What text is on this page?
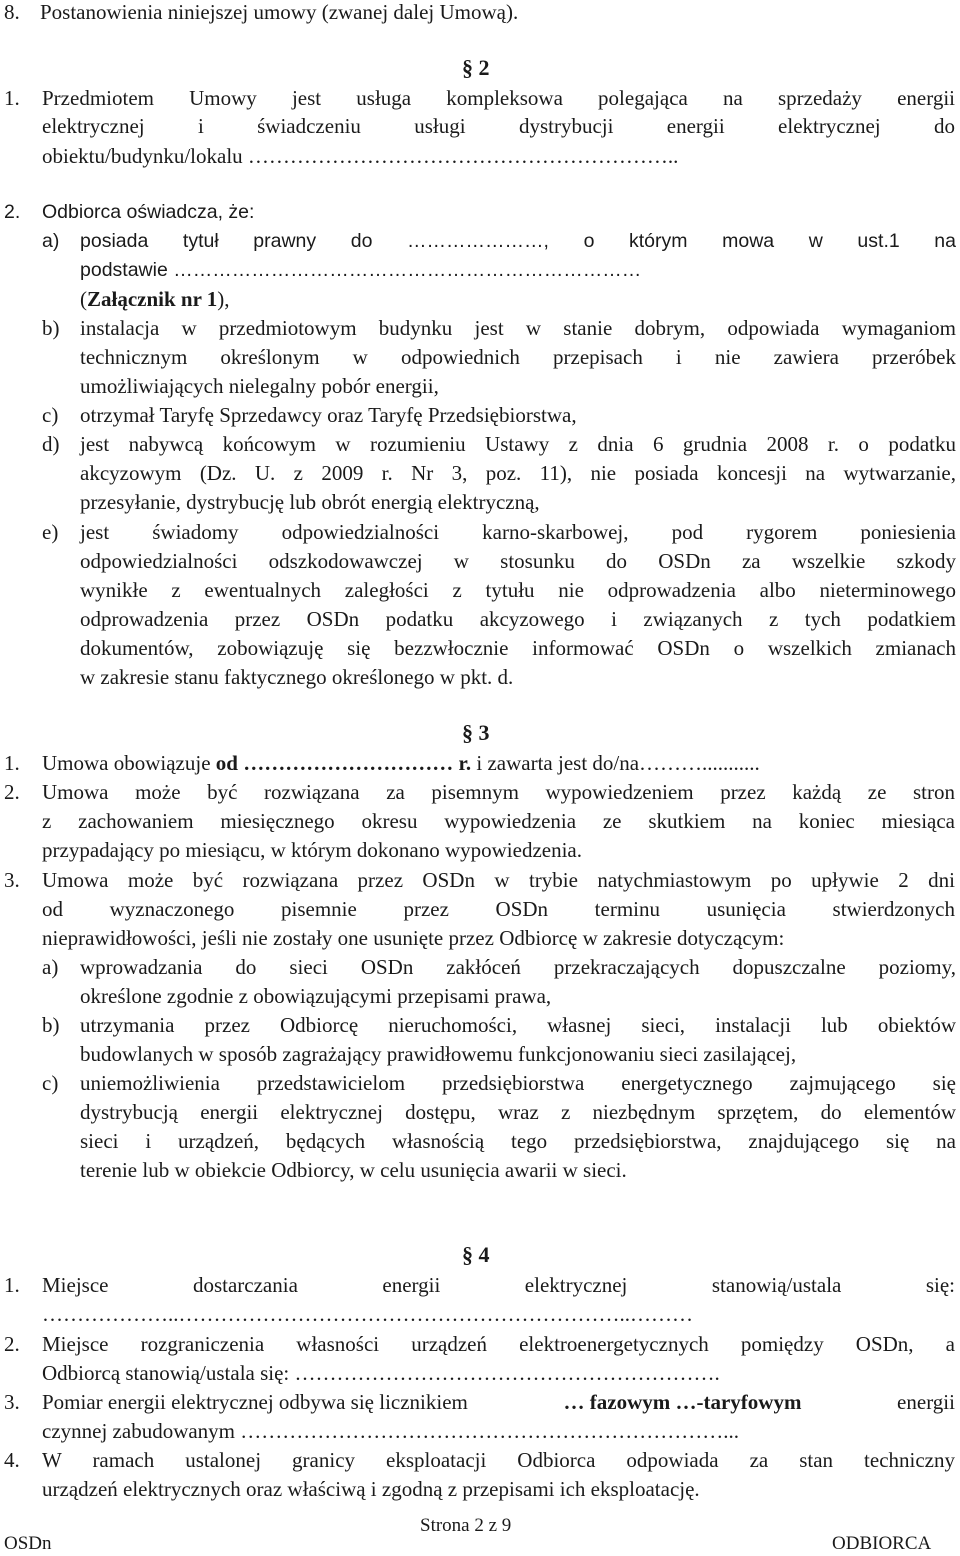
8. Postanowienia niniejszej umowy (zwanej dalej Umową).
§ 2
1. Przedmiotem Umowy jest usługa kompleksowa polegająca na sprzedaży energii
elektrycznej i świadczeniu usługi dystrybucji energii elektrycznej do
obiektu/budynku/lokalu ……………………………………………………..
2. Odbiorca oświadcza, że:
a) posiada tytuł prawny do …………………, o którym mowa w ust.1 na
podstawie ………………………………………………………………
(Załącznik nr 1),
b) instalacja w przedmiotowym budynku jest w stanie dobrym, odpowiada wymaganiom
technicznym określonym w odpowiednich przepisach i nie zawiera przeróbek
umożliwiających nielegalny pobór energii,
c) otrzymał Taryfę Sprzedawcy oraz Taryfę Przedsiębiorstwa,
d) jest nabywcą końcowym w rozumieniu Ustawy z dnia 6 grudnia 2008 r. o podatku
akcyzowym (Dz. U. z 2009 r. Nr 3, poz. 11), nie posiada koncesji na wytwarzanie,
przesyłanie, dystrybucję lub obrót energią elektryczną,
e) jest świadomy odpowiedzialności karno-skarbowej, pod rygorem poniesienia
odpowiedzialności odszkodowawczej w stosunku do OSDn za wszelkie szkody
wynikłe z ewentualnych zaległości z tytułu nie odprowadzenia albo nieterminowego
odprowadzenia przez OSDn podatku akcyzowego i związanych z tych podatkiem
dokumentów, zobowiązuję się bezzwłocznie informować OSDn o wszelkich zmianach
w zakresie stanu faktycznego określonego w pkt. d.
§ 3
1. Umowa obowiązuje od ………………………… r. i zawarta jest do/na………...........
2. Umowa może być rozwiązana za pisemnym wypowiedzeniem przez każdą ze stron
z zachowaniem miesięcznego okresu wypowiedzenia ze skutkiem na koniec miesiąca
przypadający po miesiącu, w którym dokonano wypowiedzenia.
3. Umowa może być rozwiązana przez OSDn w trybie natychmiastowym po upływie 2 dni
od wyznaczonego pisemnie przez OSDn terminu usunięcia stwierdzonych
nieprawidłowości, jeśli nie zostały one usunięte przez Odbiorcę w zakresie dotyczącym:
a) wprowadzania do sieci OSDn zakłóceń przekraczających dopuszczalne poziomy,
określone zgodnie z obowiązującymi przepisami prawa,
b) utrzymania przez Odbiorcę nieruchomości, własnej sieci, instalacji lub obiektów
budowlanych w sposób zagrażający prawidłowemu funkcjonowaniu sieci zasilającej,
c) uniemożliwienia przedstawicielom przedsiębiorstwa energetycznego zajmującego się
dystrybucją energii elektrycznej dostępu, wraz z niezbędnym sprzętem, do elementów
sieci i urządzeń, będących własnością tego przedsiębiorstwa, znajdującego się na
terenie lub w obiekcie Odbiorcy, w celu usunięcia awarii w sieci.
§ 4
1. Miejsce dostarczania energii elektrycznej stanowią/ustala się:
………………..………………………………………………………..………
2. Miejsce rozgraniczenia własności urządzeń elektroenergetycznych pomiędzy OSDn, a
Odbiorcą stanowią/ustala się: …………………………………………………….
3. Pomiar energii elektrycznej odbywa się licznikiem	… fazowym …-taryfowym	energii
czynnej zabudowanym ……………………………………………………………...
4. W ramach ustalonej granicy eksploatacji Odbiorca odpowiada za stan techniczny
urządzeń elektrycznych oraz właściwą i zgodną z przepisami ich eksploatację.
Strona 2 z 9
OSDn	ODBIORCA
